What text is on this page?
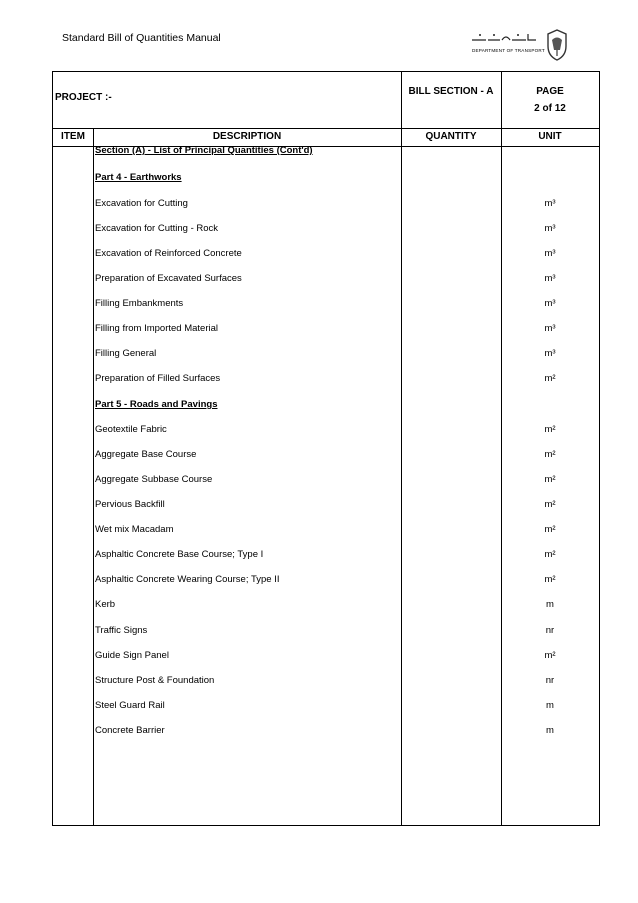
Standard Bill of Quantities Manual
DEPARTMENT OF TRANSPORT
PROJECT :-
BILL SECTION - A	PAGE
2 of 12
ITEM	DESCRIPTION	QUANTITY	UNIT
Section (A) - List of Principal Quantities (Cont'd)
Part 4 - Earthworks
Excavation for Cutting	m³
Excavation for Cutting - Rock	m³
Excavation of Reinforced Concrete	m³
Preparation of Excavated Surfaces	m³
Filling Embankments	m³
Filling from Imported Material	m³
Filling General	m³
Preparation of Filled Surfaces	m²
Part 5 - Roads and Pavings
Geotextile Fabric	m²
Aggregate Base Course	m²
Aggregate Subbase Course	m²
Pervious Backfill	m²
Wet mix Macadam	m²
Asphaltic Concrete Base Course; Type I	m²
Asphaltic Concrete Wearing Course; Type II	m²
Kerb	m
Traffic Signs	nr
Guide Sign Panel	m²
Structure Post & Foundation	nr
Steel Guard Rail	m
Concrete Barrier	m
